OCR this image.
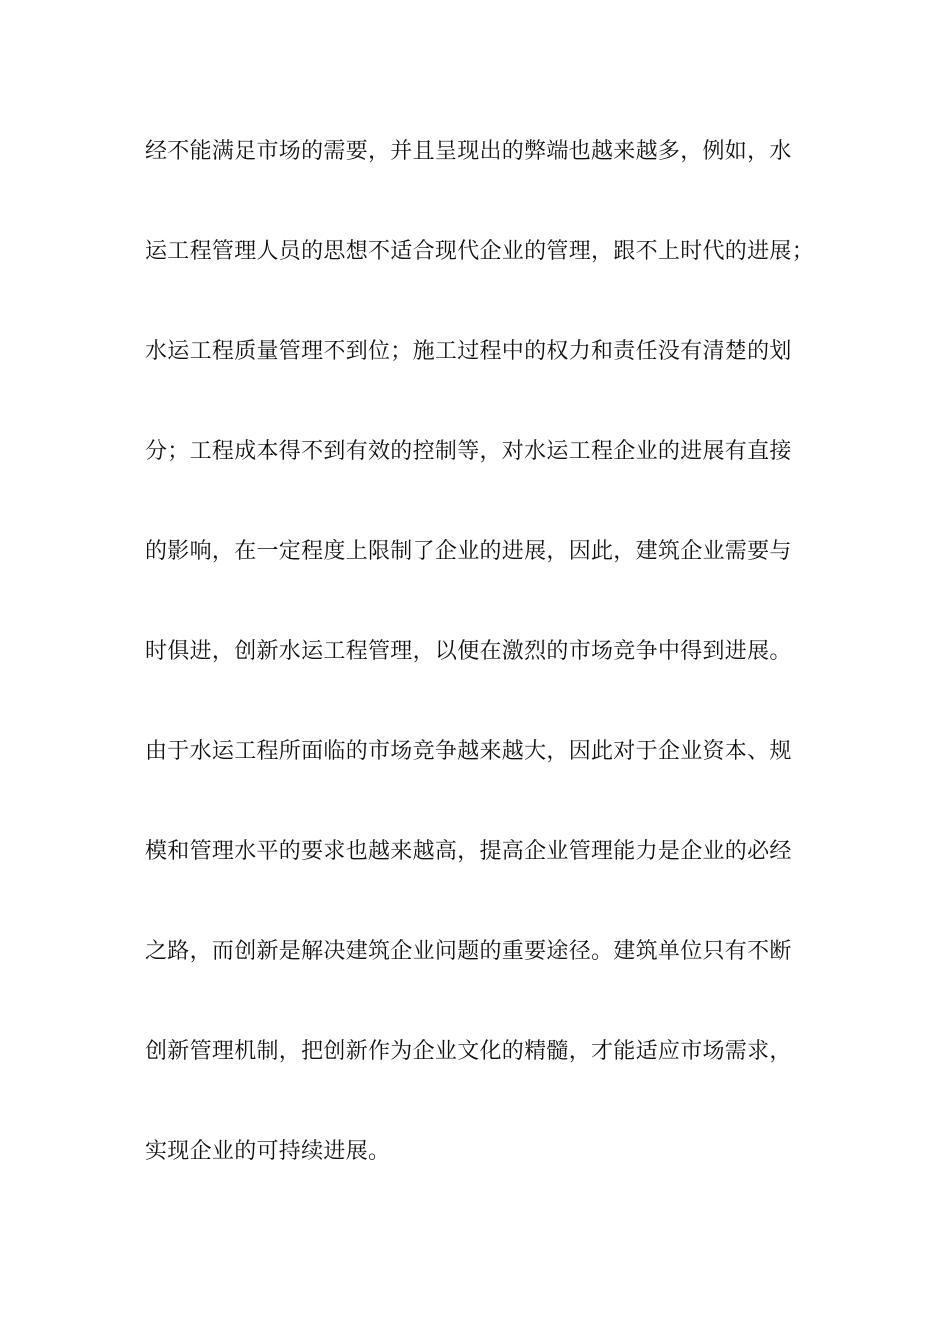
经不能满足市场的需要，并且呈现出的弊端也越来越多，例如，水
运工程管理人员的思想不适合现代企业的管理，跟不上时代的进展；
水运工程质量管理不到位；施工过程中的权力和责任没有清楚的划
分；工程成本得不到有效的控制等，对水运工程企业的进展有直接
的影响，在一定程度上限制了企业的进展，因此，建筑企业需要与
时俱进，创新水运工程管理，以便在激烈的市场竞争中得到进展。
由于水运工程所面临的市场竞争越来越大，因此对于企业资本、规
模和管理水平的要求也越来越高，提高企业管理能力是企业的必经
之路，而创新是解决建筑企业问题的重要途径。建筑单位只有不断
创新管理机制，把创新作为企业文化的精髓，才能适应市场需求，
实现企业的可持续进展。
